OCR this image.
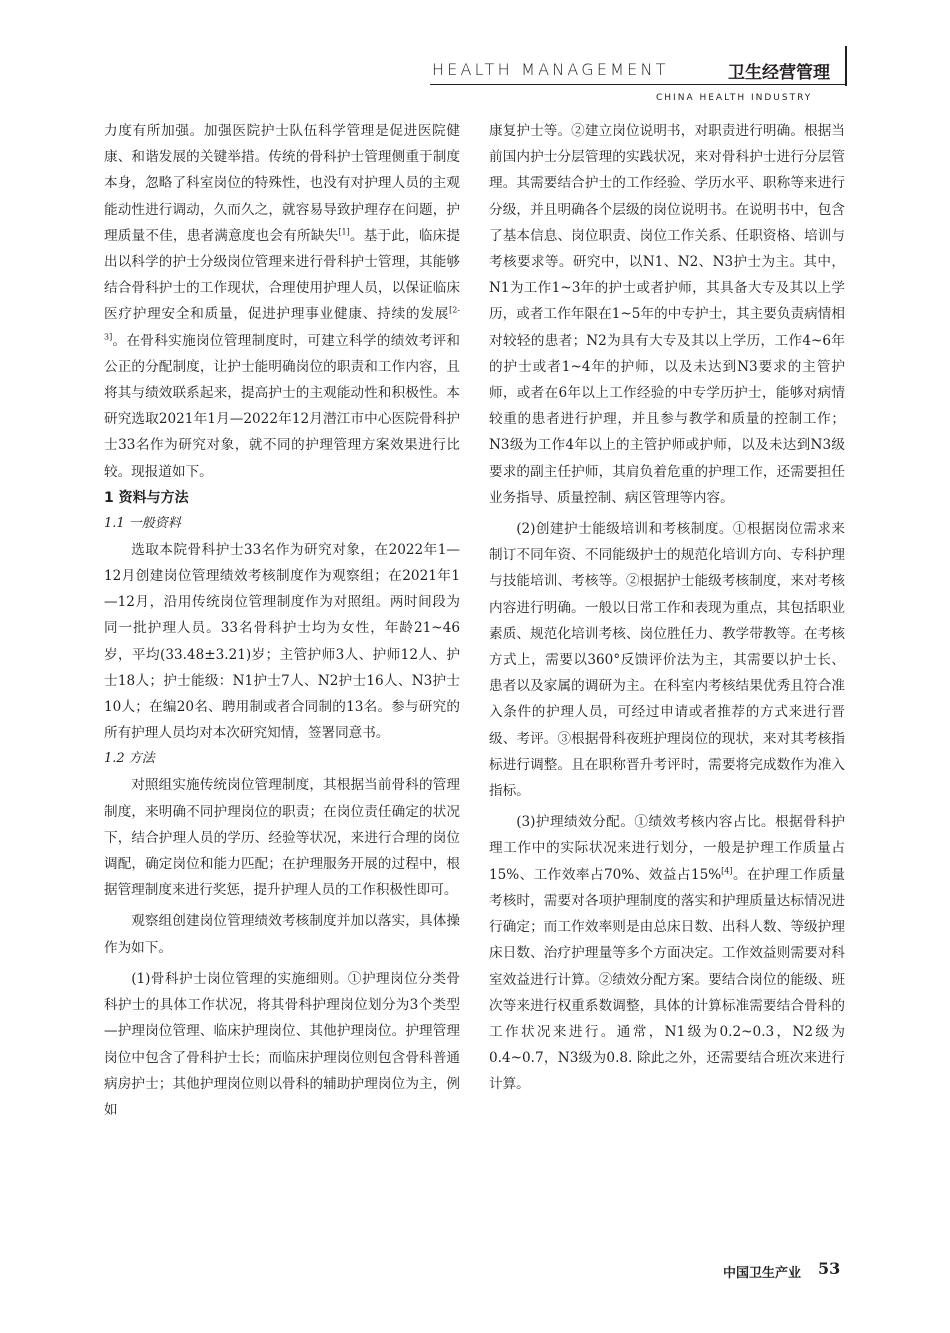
HEALTH MANAGEMENT	卫生经营管理
CHINA HEALTH INDUSTRY

力度有所加强。加强医院护士队伍科学管理是促进医院健康、和谐发展的关键举措。传统的骨科护士管理侧重于制度本身，忽略了科室岗位的特殊性，也没有对护理人员的主观能动性进行调动，久而久之，就容易导致护理存在问题，护理质量不佳，患者满意度也会有所缺失[1]。基于此，临床提出以科学的护士分级岗位管理来进行骨科护士管理，其能够结合骨科护士的工作现状，合理使用护理人员，以保证临床医疗护理安全和质量，促进护理事业健康、持续的发展[2-3]。在骨科实施岗位管理制度时，可建立科学的绩效考评和公正的分配制度，让护士能明确岗位的职责和工作内容，且将其与绩效联系起来，提高护士的主观能动性和积极性。本研究选取2021年1月—2022年12月潜江市中心医院骨科护士33名作为研究对象，就不同的护理管理方案效果进行比较。现报道如下。

1 资料与方法
1.1 一般资料

选取本院骨科护士33名作为研究对象，在2022年1—12月创建岗位管理绩效考核制度作为观察组；在2021年1—12月，沿用传统岗位管理制度作为对照组。两时间段为同一批护理人员。33名骨科护士均为女性，年龄21~46岁，平均(33.48±3.21)岁；主管护师3人、护师12人、护士18人；护士能级：N1护士7人、N2护士16人、N3护士10人；在编20名、聘用制或者合同制的13名。参与研究的所有护理人员均对本次研究知情，签署同意书。

1.2 方法

对照组实施传统岗位管理制度，其根据当前骨科的管理制度，来明确不同护理岗位的职责；在岗位责任确定的状况下，结合护理人员的学历、经验等状况，来进行合理的岗位调配，确定岗位和能力匹配；在护理服务开展的过程中，根据管理制度来进行奖惩，提升护理人员的工作积极性即可。

观察组创建岗位管理绩效考核制度并加以落实，具体操作为如下。

(1)骨科护士岗位管理的实施细则。①护理岗位分类骨科护士的具体工作状况，将其骨科护理岗位划分为3个类型—护理岗位管理、临床护理岗位、其他护理岗位。护理管理岗位中包含了骨科护士长；而临床护理岗位则包含骨科普通病房护士；其他护理岗位则以骨科的辅助护理岗位为主，例如

康复护士等。②建立岗位说明书，对职责进行明确。根据当前国内护士分层管理的实践状况，来对骨科护士进行分层管理。其需要结合护士的工作经验、学历水平、职称等来进行分级，并且明确各个层级的岗位说明书。在说明书中，包含了基本信息、岗位职责、岗位工作关系、任职资格、培训与考核要求等。研究中，以N1、N2、N3护士为主。其中，N1为工作1~3年的护士或者护师，其具备大专及其以上学历，或者工作年限在1~5年的中专护士，其主要负责病情相对较轻的患者；N2为具有大专及其以上学历，工作4~6年的护士或者1~4年的护师，以及未达到N3要求的主管护师，或者在6年以上工作经验的中专学历护士，能够对病情较重的患者进行护理，并且参与教学和质量的控制工作；N3级为工作4年以上的主管护师或护师，以及未达到N3级要求的副主任护师，其肩负着危重的护理工作，还需要担任业务指导、质量控制、病区管理等内容。

(2)创建护士能级培训和考核制度。①根据岗位需求来制订不同年资、不同能级护士的规范化培训方向、专科护理与技能培训、考核等。②根据护士能级考核制度，来对考核内容进行明确。一般以日常工作和表现为重点，其包括职业素质、规范化培训考核、岗位胜任力、教学带教等。在考核方式上，需要以360°反馈评价法为主，其需要以护士长、患者以及家属的调研为主。在科室内考核结果优秀且符合准入条件的护理人员，可经过申请或者推荐的方式来进行晋级、考评。③根据骨科夜班护理岗位的现状，来对其考核指标进行调整。且在职称晋升考评时，需要将完成数作为准入指标。

(3)护理绩效分配。①绩效考核内容占比。根据骨科护理工作中的实际状况来进行划分，一般是护理工作质量占15%、工作效率占70%、效益占15%[4]。在护理工作质量考核时，需要对各项护理制度的落实和护理质量达标情况进行确定；而工作效率则是由总床日数、出科人数、等级护理床日数、治疗护理量等多个方面决定。工作效益则需要对科室效益进行计算。②绩效分配方案。要结合岗位的能级、班次等来进行权重系数调整，具体的计算标准需要结合骨科的工作状况来进行。通常，N1级为0.2~0.3，N2级为0.4~0.7，N3级为0.8. 除此之外，还需要结合班次来进行计算。

中国卫生产业 53
